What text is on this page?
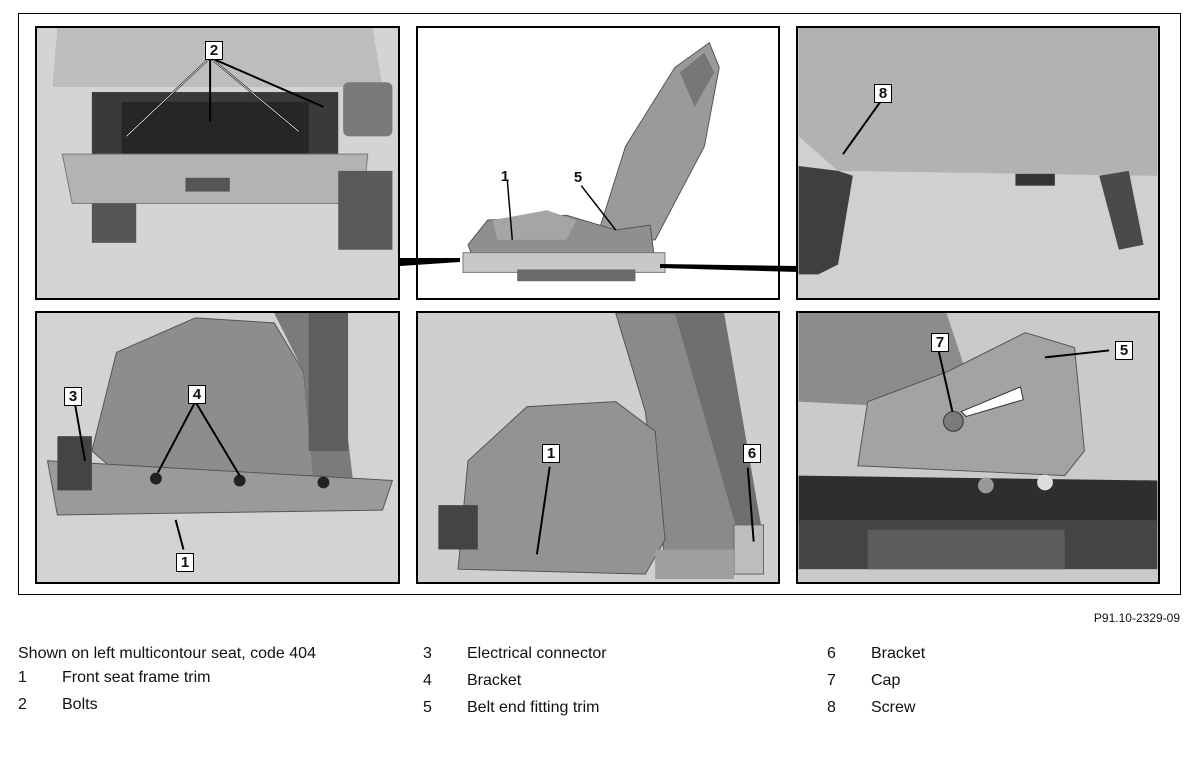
2
1	5
8
3	4
1
1	6
7	5
P91.10-2329-09
Shown on left multicontour seat, code 404
1	Front seat frame trim
2	Bolts
3	Electrical connector
4	Bracket
5	Belt end fitting trim
6	Bracket
7	Cap
8	Screw
